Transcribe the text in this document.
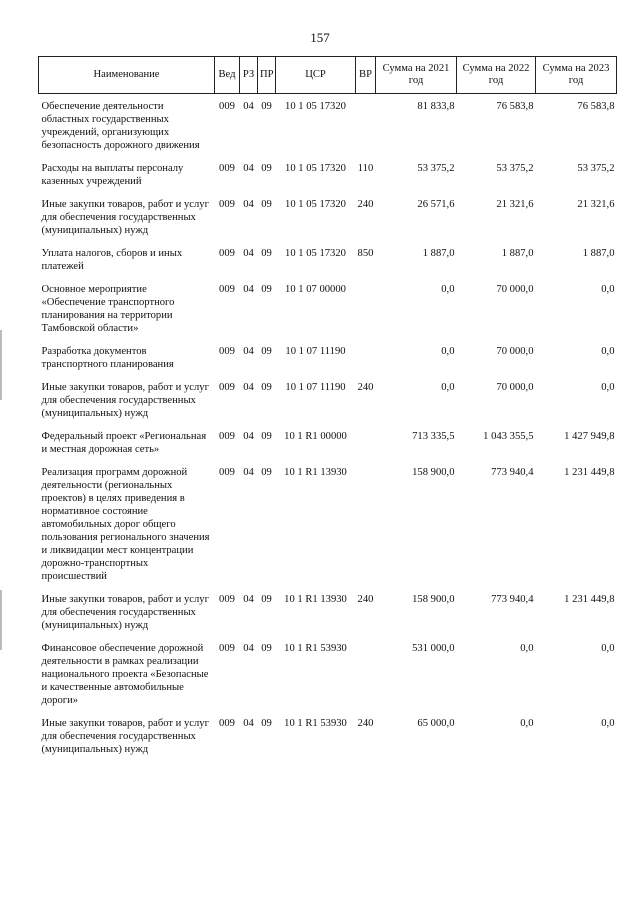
157
Наименование	Вед	РЗ	ПР	ЦСР	ВР	Сумма на 2021 год	Сумма на 2022 год	Сумма на 2023 год
Обеспечение деятельности областных государственных учреждений, организующих безопасность дорожного движения	009	04	09	10 1 05 17320		81 833,8	76 583,8	76 583,8
Расходы на выплаты персоналу казенных учреждений	009	04	09	10 1 05 17320	110	53 375,2	53 375,2	53 375,2
Иные закупки товаров, работ и услуг для обеспечения государственных (муниципальных) нужд	009	04	09	10 1 05 17320	240	26 571,6	21 321,6	21 321,6
Уплата налогов, сборов и иных платежей	009	04	09	10 1 05 17320	850	1 887,0	1 887,0	1 887,0
Основное мероприятие «Обеспечение транспортного планирования на территории Тамбовской области»	009	04	09	10 1 07 00000		0,0	70 000,0	0,0
Разработка документов транспортного планирования	009	04	09	10 1 07 11190		0,0	70 000,0	0,0
Иные закупки товаров, работ и услуг для обеспечения государственных (муниципальных) нужд	009	04	09	10 1 07 11190	240	0,0	70 000,0	0,0
Федеральный проект «Региональная и местная дорожная сеть»	009	04	09	10 1 R1 00000		713 335,5	1 043 355,5	1 427 949,8
Реализация программ дорожной деятельности (региональных проектов) в целях приведения в нормативное состояние автомобильных дорог общего пользования регионального значения и ликвидации мест концентрации дорожно-транспортных происшествий	009	04	09	10 1 R1 13930		158 900,0	773 940,4	1 231 449,8
Иные закупки товаров, работ и услуг для обеспечения государственных (муниципальных) нужд	009	04	09	10 1 R1 13930	240	158 900,0	773 940,4	1 231 449,8
Финансовое обеспечение дорожной деятельности в рамках реализации национального проекта «Безопасные и качественные автомобильные дороги»	009	04	09	10 1 R1 53930		531 000,0	0,0	0,0
Иные закупки товаров, работ и услуг для обеспечения государственных (муниципальных) нужд	009	04	09	10 1 R1 53930	240	65 000,0	0,0	0,0
